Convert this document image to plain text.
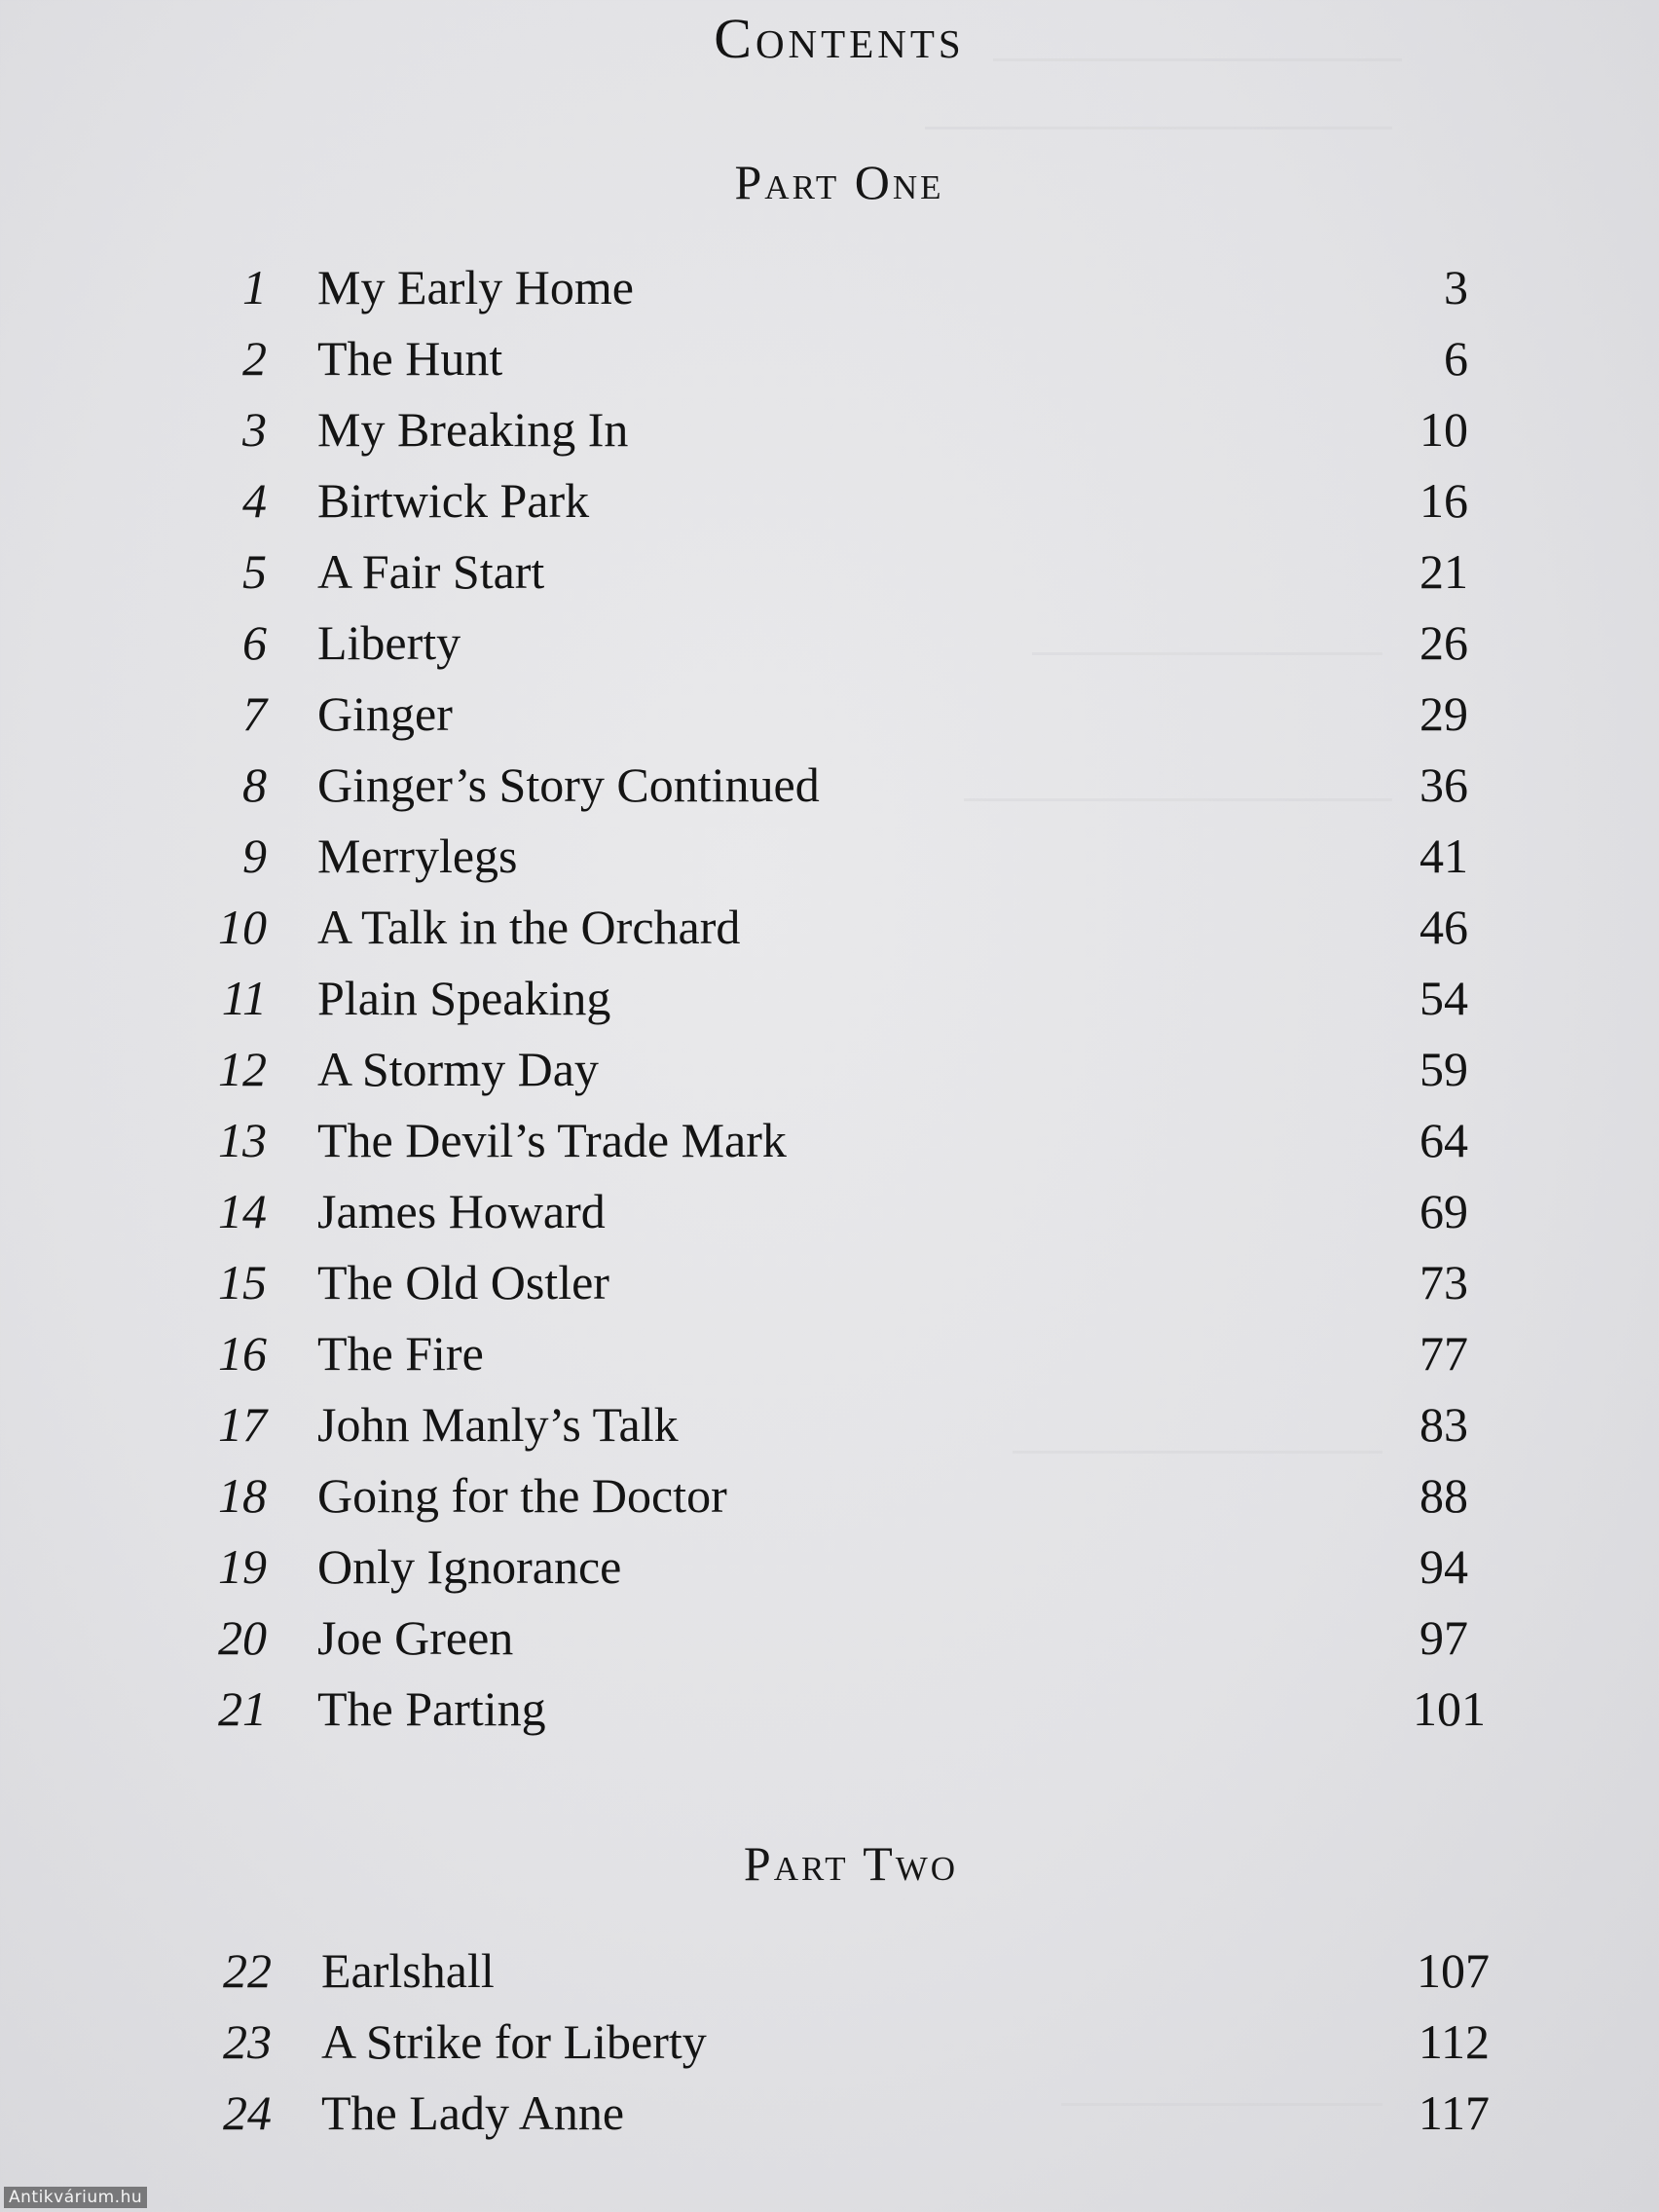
Contents
Part One
1 My Early Home	3
2 The Hunt	6
3 My Breaking In	10
4 Birtwick Park	16
5 A Fair Start	21
6 Liberty	26
7 Ginger	29
8 Ginger’s Story Continued	36
9 Merrylegs	41
10 A Talk in the Orchard	46
11 Plain Speaking	54
12 A Stormy Day	59
13 The Devil’s Trade Mark	64
14 James Howard	69
15 The Old Ostler	73
16 The Fire	77
17 John Manly’s Talk	83
18 Going for the Doctor	88
19 Only Ignorance	94
20 Joe Green	97
21 The Parting	101
Part Two
22 Earlshall	107
23 A Strike for Liberty	112
24 The Lady Anne	117
Antikvárium.hu
